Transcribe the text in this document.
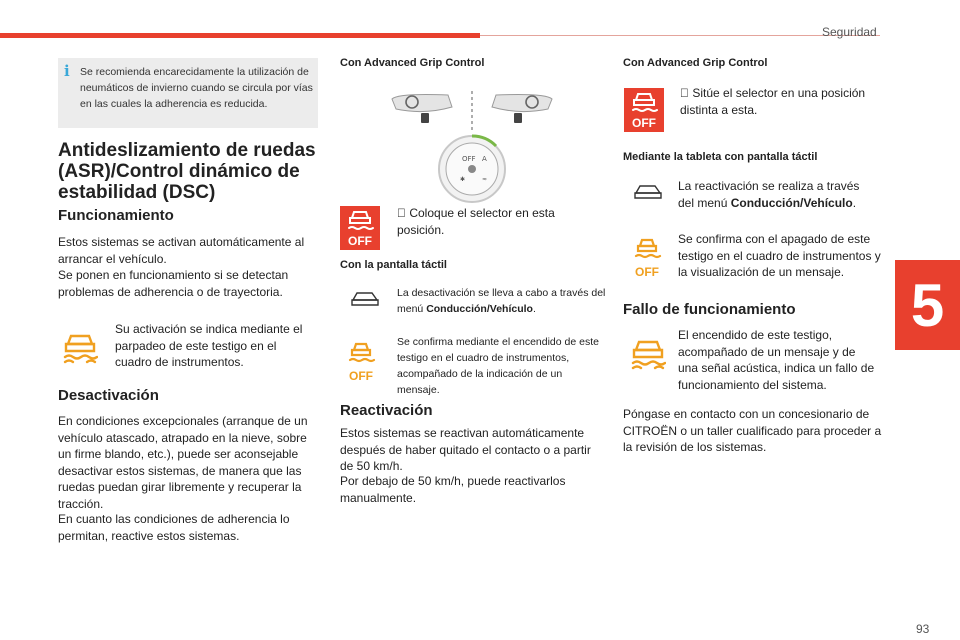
Seguridad
5
i Se recomienda encarecidamente la utilización de neumáticos de invierno cuando se circula por vías en las cuales la adherencia es reducida.

Antideslizamiento de ruedas (ASR)/Control dinámico de estabilidad (DSC)
Funcionamiento

Estos sistemas se activan automáticamente al arrancar el vehículo.

Se ponen en funcionamiento si se detectan problemas de adherencia o de trayectoria.

Su activación se indica mediante el parpadeo de este testigo en el cuadro de instrumentos.

Desactivación

En condiciones excepcionales (arranque de un vehículo atascado, atrapado en la nieve, sobre un firme blando, etc.), puede ser aconsejable desactivar estos sistemas, de manera que las ruedas puedan girar libremente y recuperar la tracción.

En cuanto las condiciones de adherencia lo permitan, reactive estos sistemas.

Con Advanced Grip Control
OFF A
✱	≈
OFF

Coloque el selector en esta posición.

Con la pantalla táctil

La desactivación se lleva a cabo a través del menú Conducción/Vehículo.

OFF

Se confirma mediante el encendido de este testigo en el cuadro de instrumentos, acompañado de la indicación de un mensaje.

Reactivación

Estos sistemas se reactivan automáticamente después de haber quitado el contacto o a partir de 50 km/h.

Por debajo de 50 km/h, puede reactivarlos manualmente.

Con Advanced Grip Control
OFF

Sitúe el selector en una posición distinta a esta.

Mediante la tableta con pantalla táctil

La reactivación se realiza a través del menú Conducción/Vehículo.

OFF

Se confirma con el apagado de este testigo en el cuadro de instrumentos y la visualización de un mensaje.

Fallo de funcionamiento

El encendido de este testigo, acompañado de un mensaje y de una señal acústica, indica un fallo de funcionamiento del sistema.

Póngase en contacto con un concesionario de CITROËN o un taller cualificado para proceder a la revisión de los sistemas.

93
